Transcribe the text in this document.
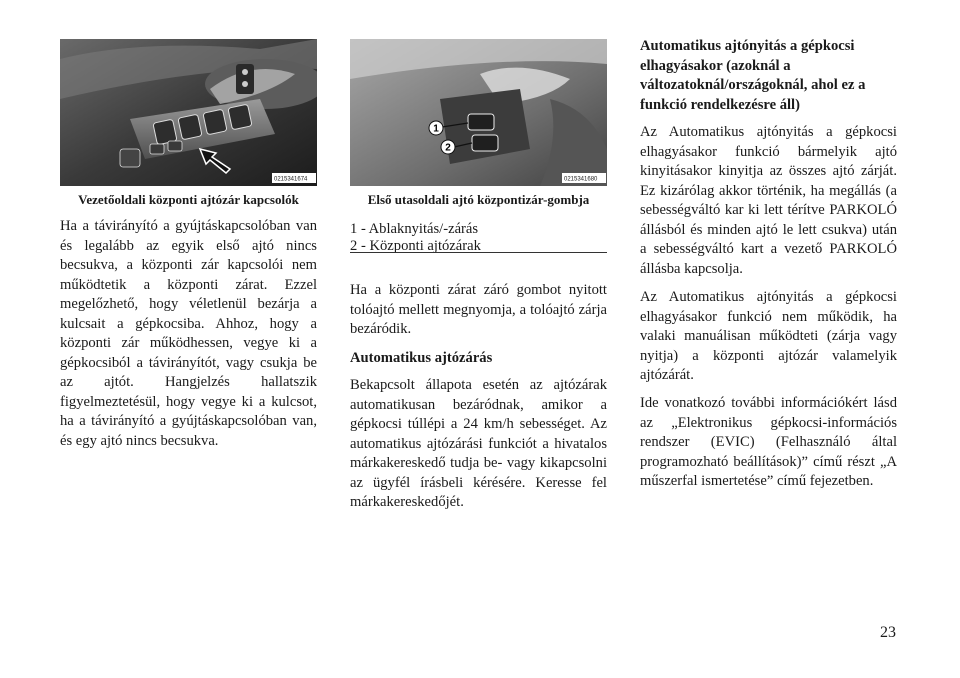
0215341674
Vezetőoldali központi ajtózár kapcsolók

Ha a távirányító a gyújtáskapcsolóban van és legalább az egyik első ajtó nincs becsukva, a központi zár kapcsolói nem működtetik a központi zárat. Ezzel megelőzhető, hogy véletlenül bezárja a kulcsait a gépkocsiba. Ahhoz, hogy a központi zár működhessen, vegye ki a gépkocsiból a távirányítót, vagy csukja be az ajtót. Hangjelzés hallatszik figyelmeztetésül, hogy vegye ki a kulcsot, ha a távirányító a gyújtáskapcsolóban van, és egy ajtó nincs becsukva.

1
2
0215341680
Első utasoldali ajtó központizár-gombja
1 - Ablaknyitás/-zárás
2 - Központi ajtózárak

Ha a központi zárat záró gombot nyitott tolóajtó mellett megnyomja, a tolóajtó zárja bezáródik.

Automatikus ajtózárás

Bekapcsolt állapota esetén az ajtózárak automatikusan bezáródnak, amikor a gépkocsi túllépi a 24 km/h sebességet. Az automatikus ajtózárási funkciót a hivatalos márkakereskedő tudja be- vagy kikapcsolni az ügyfél írásbeli kérésére. Keresse fel márkakereskedőjét.

Automatikus ajtónyitás a gépkocsi elhagyásakor (azoknál a változatoknál/országoknál, ahol ez a funkció rendelkezésre áll)

Az Automatikus ajtónyitás a gépkocsi elhagyásakor funkció bármelyik ajtó kinyitásakor kinyitja az összes ajtó zárját. Ez kizárólag akkor történik, ha megállás (a sebességváltó kar ki lett térítve PARKOLÓ állásból és minden ajtó le lett csukva) után a sebességváltó kart a vezető PARKOLÓ állásba kapcsolja.

Az Automatikus ajtónyitás a gépkocsi elhagyásakor funkció nem működik, ha valaki manuálisan működteti (zárja vagy nyitja) a központi ajtózár valamelyik ajtózárát.

Ide vonatkozó további információkért lásd az „Elektronikus gépkocsi-információs rendszer (EVIC) (Felhasználó által programozható beállítások)” című részt „A műszerfal ismertetése” című fejezetben.

23
